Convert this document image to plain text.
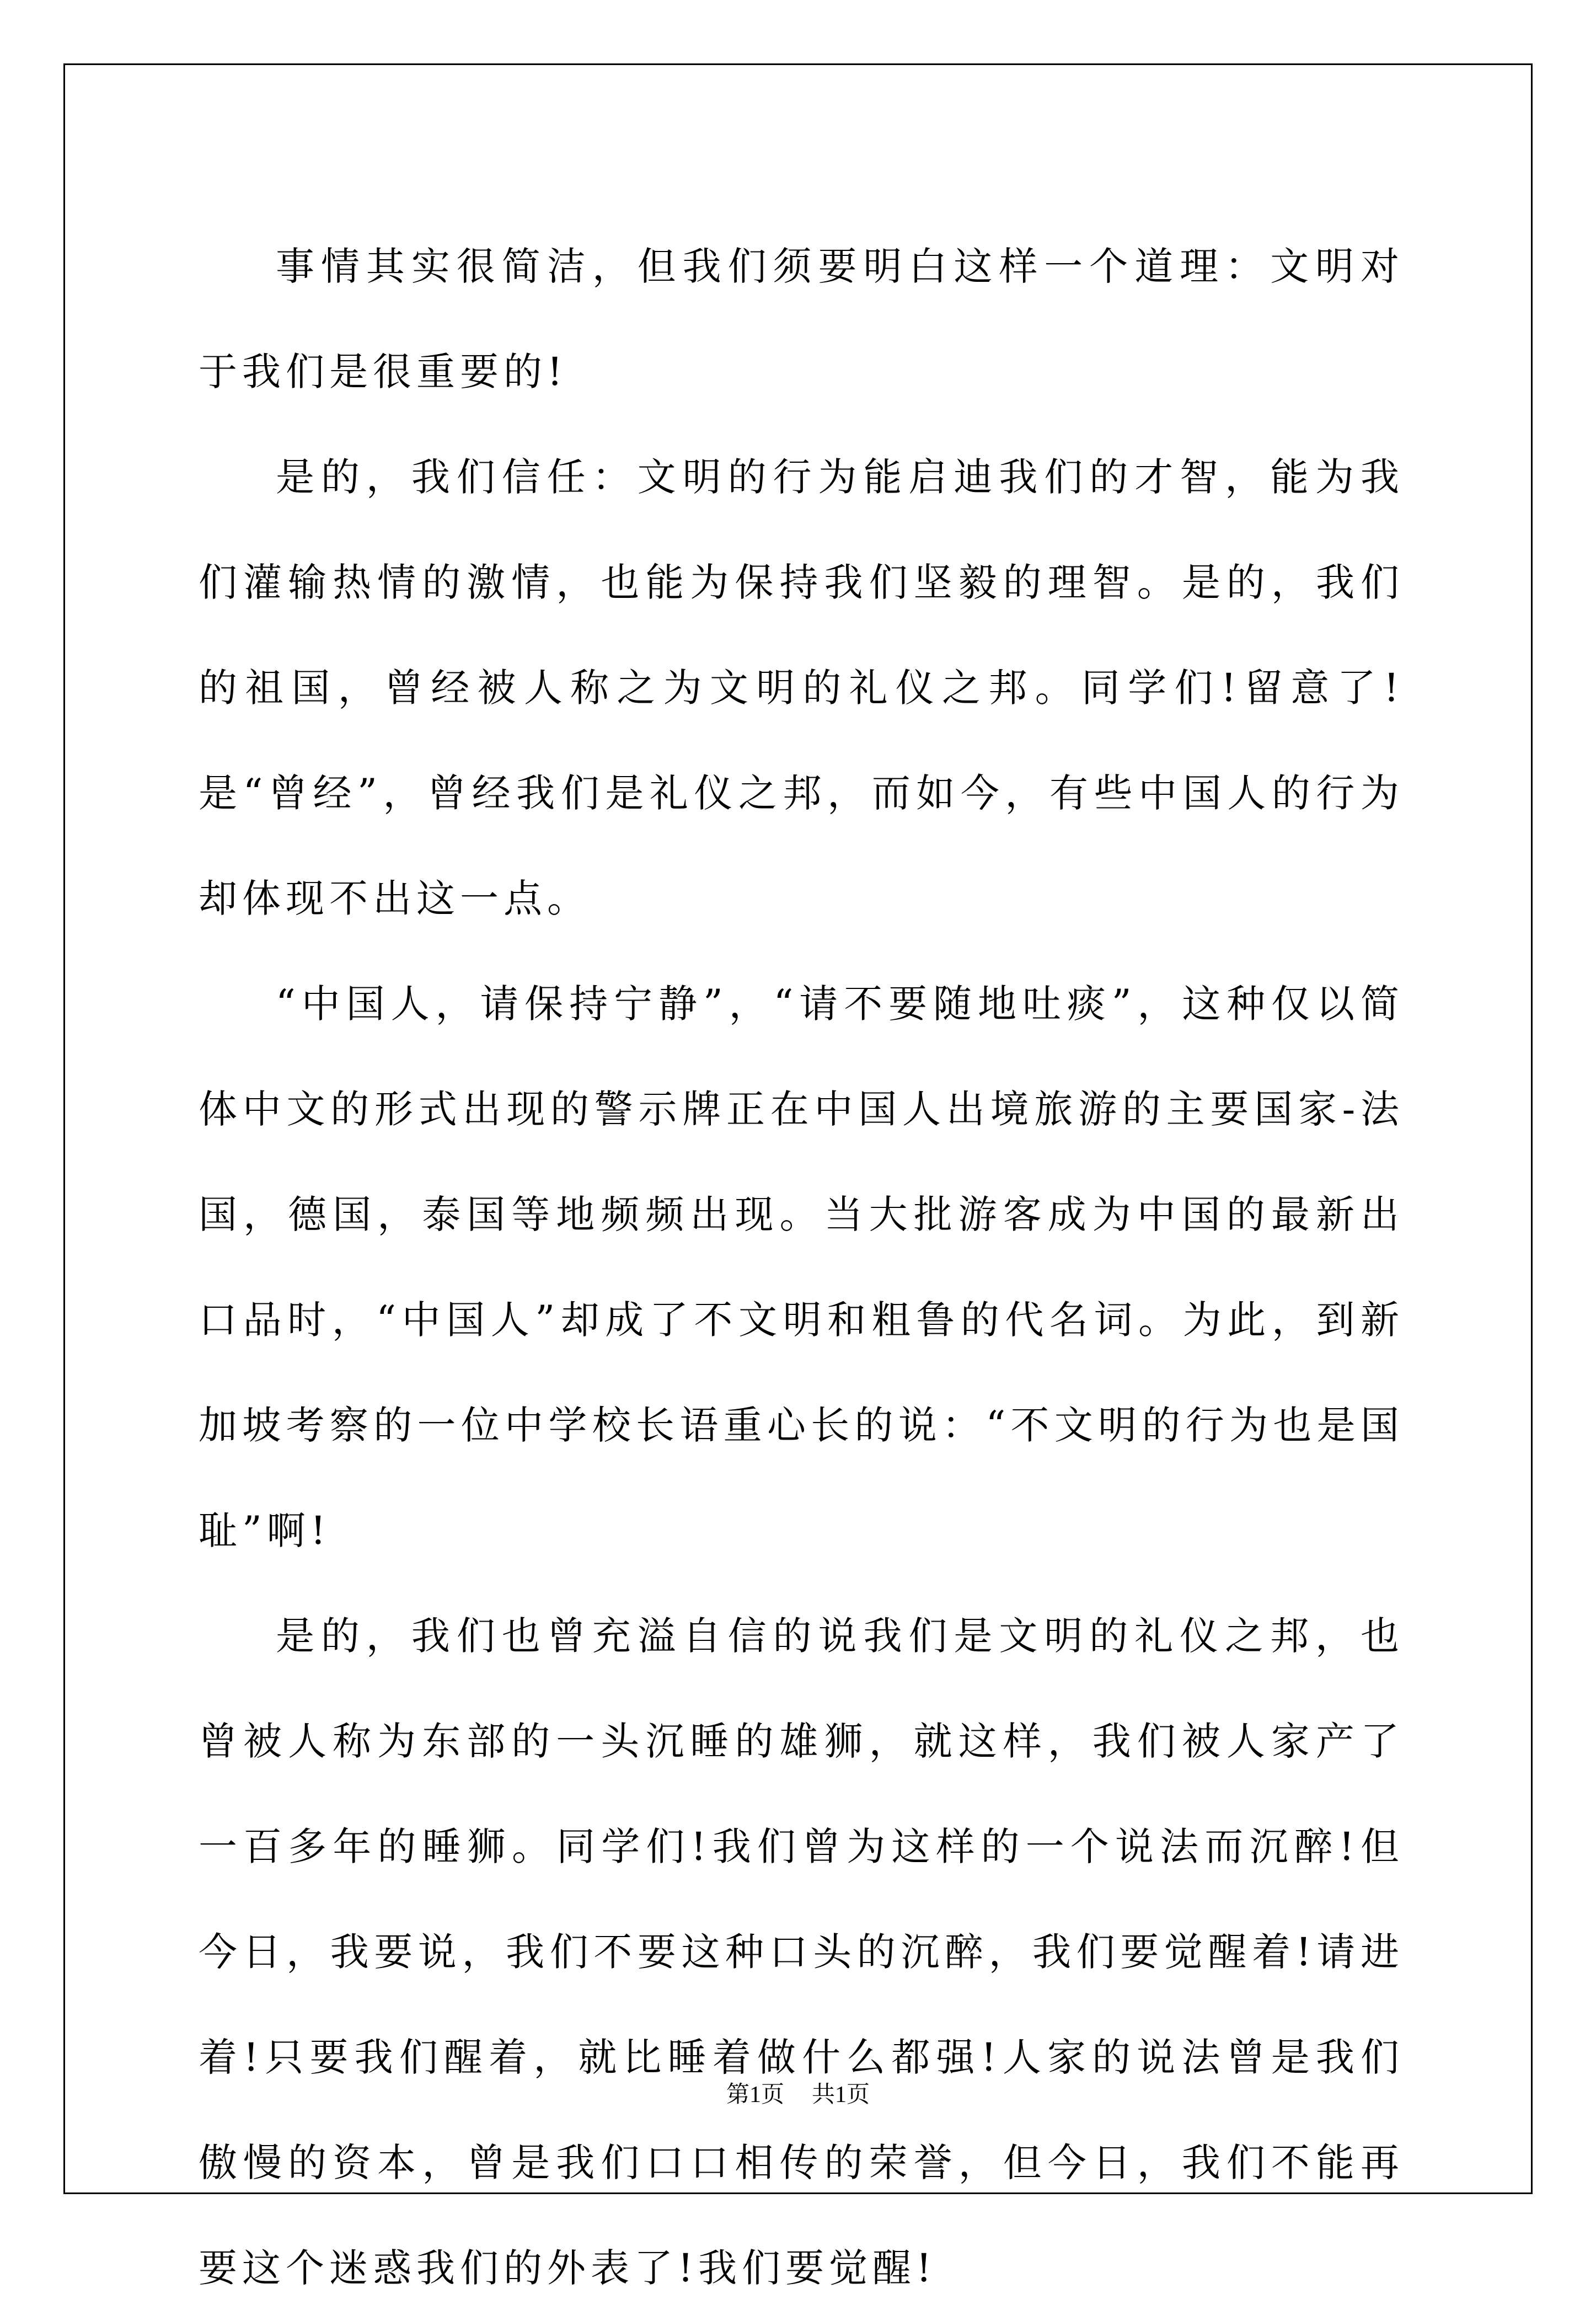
事情其实很简洁，但我们须要明白这样一个道理：文明对于我们是很重要的!

是的，我们信任：文明的行为能启迪我们的才智，能为我们灌输热情的激情，也能为保持我们坚毅的理智。是的，我们的祖国，曾经被人称之为文明的礼仪之邦。同学们!留意了!是“曾经”，曾经我们是礼仪之邦，而如今，有些中国人的行为却体现不出这一点。

“中国人，请保持宁静”，“请不要随地吐痰”，这种仅以简体中文的形式出现的警示牌正在中国人出境旅游的主要国家-法国，德国，泰国等地频频出现。当大批游客成为中国的最新出口品时，“中国人”却成了不文明和粗鲁的代名词。为此，到新加坡考察的一位中学校长语重心长的说：“不文明的行为也是国耻”啊!

是的，我们也曾充溢自信的说我们是文明的礼仪之邦，也曾被人称为东部的一头沉睡的雄狮，就这样，我们被人家产了一百多年的睡狮。同学们!我们曾为这样的一个说法而沉醉!但今日，我要说，我们不要这种口头的沉醉，我们要觉醒着!请进着!只要我们醒着，就比睡着做什么都强!人家的说法曾是我们傲慢的资本，曾是我们口口相传的荣誉，但今日，我们不能再要这个迷惑我们的外表了!我们要觉醒!

第1页 共1页
